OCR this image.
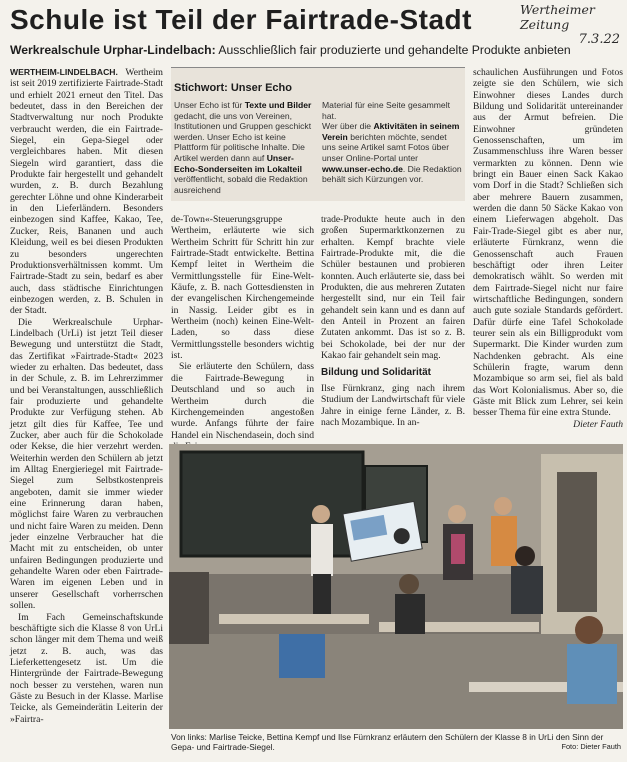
Schule ist Teil der Fairtrade-Stadt	Wertheimer
Zeitung
7.3.22
Werkrealschule Urphar-Lindelbach: Ausschließlich fair produzierte und gehandelte Produkte anbieten

WERTHEIM-LINDELBACH. Wertheim ist seit 2019 zertifizierte Fairtrade-Stadt und erhielt 2021 erneut den Titel. Das bedeutet, dass in den Bereichen der Stadtverwaltung nur noch Produkte verbraucht werden, die ein Fairtrade-Siegel, ein Gepa-Siegel oder vergleichbares haben. Mit diesen Siegeln wird garantiert, dass die Produkte fair hergestellt und gehandelt wurden, z. B. durch Bezahlung gerechter Löhne und ohne Kinderarbeit in den Lieferländern. Besonders einbezogen sind Kaffee, Kakao, Tee, Zucker, Reis, Bananen und auch Kleidung, weil es bei diesen Produkten zu besonders ungerechten Produktionsverhältnissen kommt. Um Fairtrade-Stadt zu sein, bedarf es aber auch, dass städtische Einrichtungen einbezogen werden, z. B. Schulen in der Stadt.

Die Werkrealschule Urphar-Lindelbach (UrLi) ist jetzt Teil dieser Bewegung und unterstützt die Stadt, das Zertifikat »Fairtrade-Stadt« 2023 wieder zu erhalten. Das bedeutet, dass in der Schule, z. B. im Lehrerzimmer und bei Veranstaltungen, ausschließlich fair produzierte und gehandelte Produkte zur Verfügung stehen. Ab jetzt gilt dies für Kaffee, Tee und Zucker, aber auch für die Schokolade oder Kekse, die hier verzehrt werden. Weiterhin werden den Schülern ab jetzt im Alltag Energieriegel mit Fairtrade-Siegel zum Selbstkostenpreis angeboten, damit sie immer wieder eine Erinnerung daran haben, möglichst faire Waren zu verbrauchen und nicht faire Waren zu meiden. Denn jeder einzelne Verbraucher hat die Macht mit zu entscheiden, ob unter unfairen Bedingungen produzierte und gehandelte Waren oder eben Fairtrade-Waren im eigenen Leben und in unserer Gesellschaft vorherrschen sollen.

Im Fach Gemeinschaftskunde beschäftigte sich die Klasse 8 von UrLi schon länger mit dem Thema und weiß jetzt z. B. auch, was das Lieferkettengesetz ist. Um die Hintergründe der Fairtrade-Bewegung noch besser zu verstehen, waren nun Gäste zu Besuch in der Klasse. Marlise Teicke, als Gemeinderätin Leiterin der »Fairtra-

Stichwort: Unser Echo
Unser Echo ist für Texte und Bilder gedacht, die uns von Vereinen, Institutionen und Gruppen geschickt werden. Unser Echo ist keine Plattform für politische Inhalte. Die Artikel werden dann auf Unser-Echo-Sonderseiten im Lokalteil veröffentlicht, sobald die Redaktion ausreichend
Material für eine Seite gesammelt hat.
Wer über die Aktivitäten in seinem Verein berichten möchte, sendet uns seine Artikel samt Fotos über unser Online-Portal unter www.unser-echo.de. Die Redaktion behält sich Kürzungen vor.

de-Town«-Steuerungsgruppe Wertheim, erläuterte wie sich Wertheim Schritt für Schritt hin zur Fairtrade-Stadt entwickelte. Bettina Kempf leitet in Wertheim die Vermittlungsstelle für Eine-Welt-Käufe, z. B. nach Gottesdiensten in der evangelischen Kirchengemeinde in Nassig. Leider gibt es in Wertheim (noch) keinen Eine-Welt-Laden, so dass diese Vermittlungsstelle besonders wichtig ist.

Sie erläuterte den Schülern, dass die Fairtrade-Bewegung in Deutschland und so auch in Wertheim durch die Kirchengemeinden angestoßen wurde. Anfangs führte der faire Handel ein Nischendasein, doch sind

trade-Produkte heute auch in den großen Supermarktkonzernen zu erhalten. Kempf brachte viele Fairtrade-Produkte mit, die die Schüler bestaunen und probieren konnten. Auch erläuterte sie, dass bei Produkten, die aus mehreren Zutaten hergestellt sind, nur ein Teil fair gehandelt sein kann und es dann auf den Anteil in Prozent an fairen Zutaten ankommt. Das ist so z. B. bei Schokolade, bei der nur der Kakao fair gehandelt sein mag.

Bildung und Solidarität

Ilse Fürnkranz, ging nach ihrem Studium der Landwirtschaft für viele Jahre in einige ferne Länder, z. B. nach Mozambique. In an-

schaulichen Ausführungen und Fotos zeigte sie den Schülern, wie sich Einwohner dieses Landes durch Bildung und Solidarität untereinander aus der Armut befreien. Die Einwohner gründeten Genossenschaften, um im Zusammenschluss ihre Waren besser vermarkten zu können. Denn wie bringt ein Bauer einen Sack Kakao vom Dorf in die Stadt? Schließen sich aber mehrere Bauern zusammen, werden die dann 50 Säcke Kakao von einem Lieferwagen abgeholt. Das Fair-Trade-Siegel gibt es aber nur, erläuterte Fürnkranz, wenn die Genossenschaft auch Frauen beschäftigt oder ihren Leiter demokratisch wählt. So werden mit dem Fairtrade-Siegel nicht nur faire wirtschaftliche Bedingungen, sondern auch gute soziale Standards gefördert. Dafür dürfe eine Tafel Schokolade teurer sein als ein Billigprodukt vom Supermarkt. Die Kinder wurden zum Nachdenken gebracht. Als eine Schülerin fragte, warum denn Mozambique so arm sei, fiel als bald das Wort Kolonialismus. Aber so, die Gäste mit Blick zum Lehrer, sei kein besser Thema für eine extra Stunde.

Dieter Fauth
Von links: Marlise Teicke, Bettina Kempf und Ilse Fürnkranz erläutern den Schülern der Klasse 8 in UrLi den Sinn der Gepa- und Fairtrade-Siegel.	Foto: Dieter Fauth
